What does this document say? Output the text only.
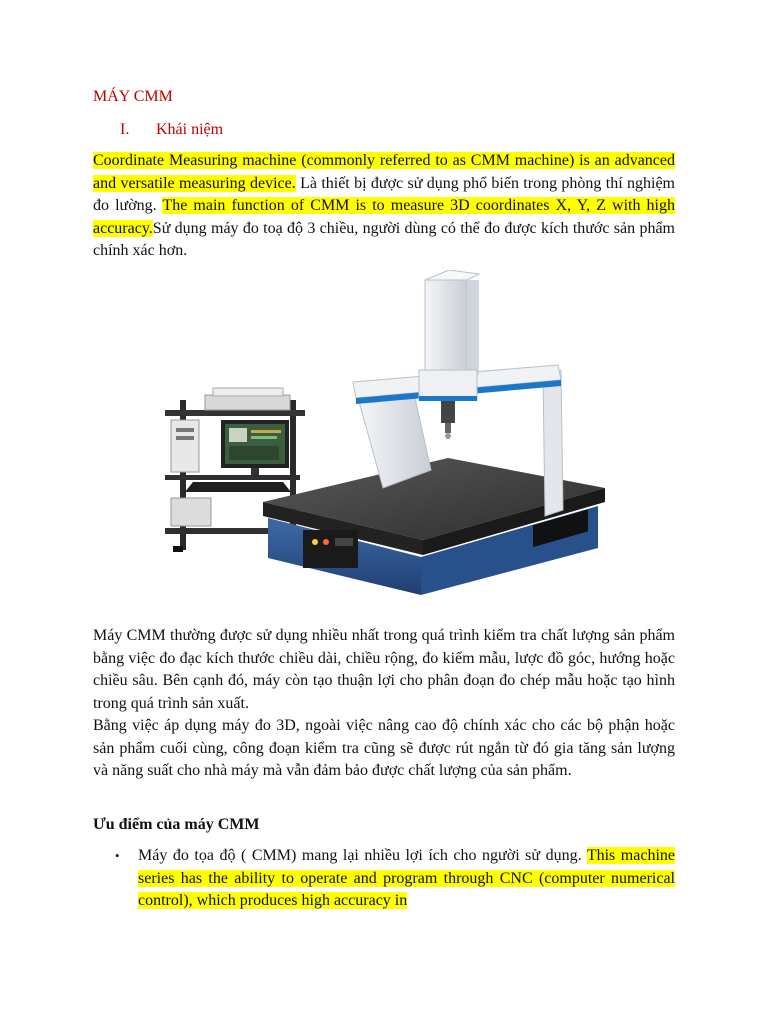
MÁY CMM
I. Khái niệm

Coordinate Measuring machine (commonly referred to as CMM machine) is an advanced and versatile measuring device. Là thiết bị được sử dụng phổ biến trong phòng thí nghiệm đo lường. The main function of CMM is to measure 3D coordinates X, Y, Z with high accuracy.Sử dụng máy đo toạ độ 3 chiều, người dùng có thể đo được kích thước sản phẩm chính xác hơn.

Máy CMM thường được sử dụng nhiều nhất trong quá trình kiểm tra chất lượng sản phẩm bằng việc đo đạc kích thước chiều dài, chiều rộng, đo kiểm mẫu, lược đồ góc, hướng hoặc chiều sâu. Bên cạnh đó, máy còn tạo thuận lợi cho phân đoạn đo chép mẫu hoặc tạo hình trong quá trình sản xuất.

Bằng việc áp dụng máy đo 3D, ngoài việc nâng cao độ chính xác cho các bộ phận hoặc sản phẩm cuối cùng, công đoạn kiểm tra cũng sẽ được rút ngắn từ đó gia tăng sản lượng và năng suất cho nhà máy mà vẫn đảm bảo được chất lượng của sản phẩm.

Ưu điểm của máy CMM
• Máy đo tọa độ ( CMM) mang lại nhiều lợi ích cho người sử dụng. This machine series has the ability to operate and program through CNC (computer numerical control), which produces high accuracy in
